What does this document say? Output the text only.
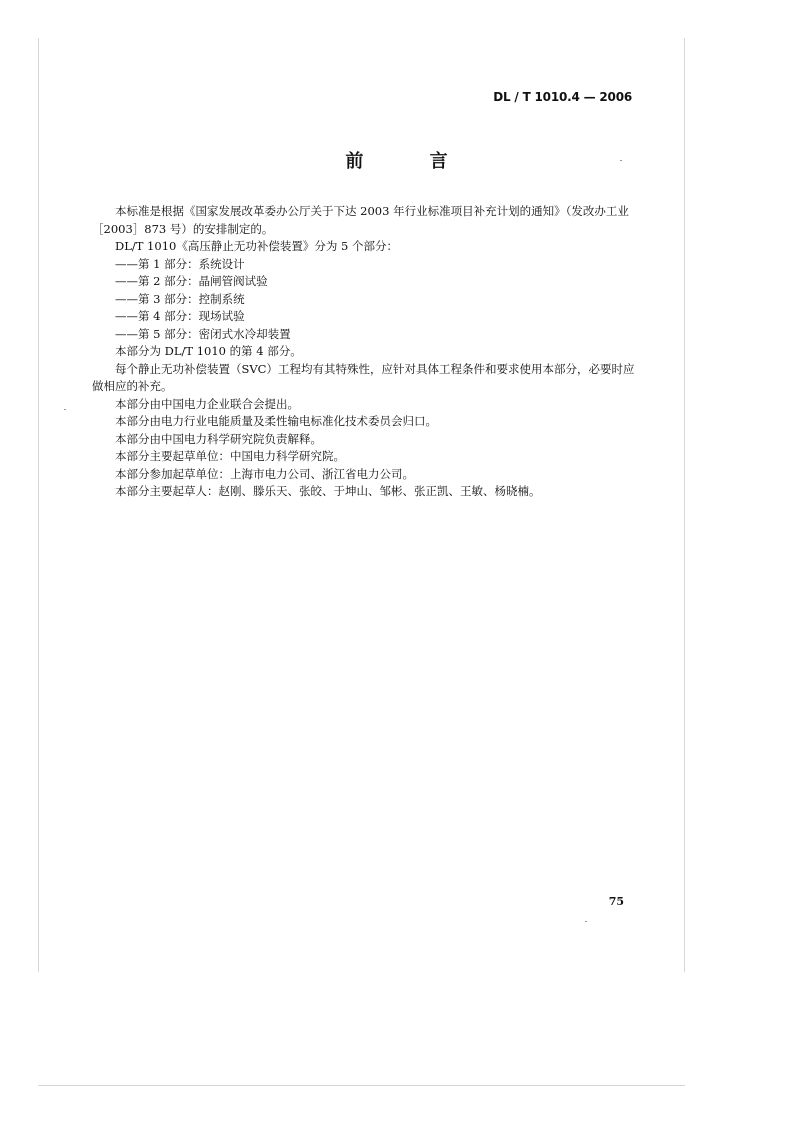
DL / T 1010.4 — 2006
前 言

本标准是根据《国家发展改革委办公厅关于下达 2003 年行业标准项目补充计划的通知》（发改办工业［2003］873 号）的安排制定的。

DL/T 1010《高压静止无功补偿装置》分为 5 个部分：

——第 1 部分：系统设计

——第 2 部分：晶闸管阀试验

——第 3 部分：控制系统

——第 4 部分：现场试验

——第 5 部分：密闭式水冷却装置

本部分为 DL/T 1010 的第 4 部分。

每个静止无功补偿装置（SVC）工程均有其特殊性，应针对具体工程条件和要求使用本部分，必要时应做相应的补充。

本部分由中国电力企业联合会提出。

本部分由电力行业电能质量及柔性输电标准化技术委员会归口。

本部分由中国电力科学研究院负责解释。

本部分主要起草单位：中国电力科学研究院。

本部分参加起草单位：上海市电力公司、浙江省电力公司。

本部分主要起草人：赵刚、滕乐天、张皎、于坤山、邹彬、张正凯、王敏、杨晓楠。

75
